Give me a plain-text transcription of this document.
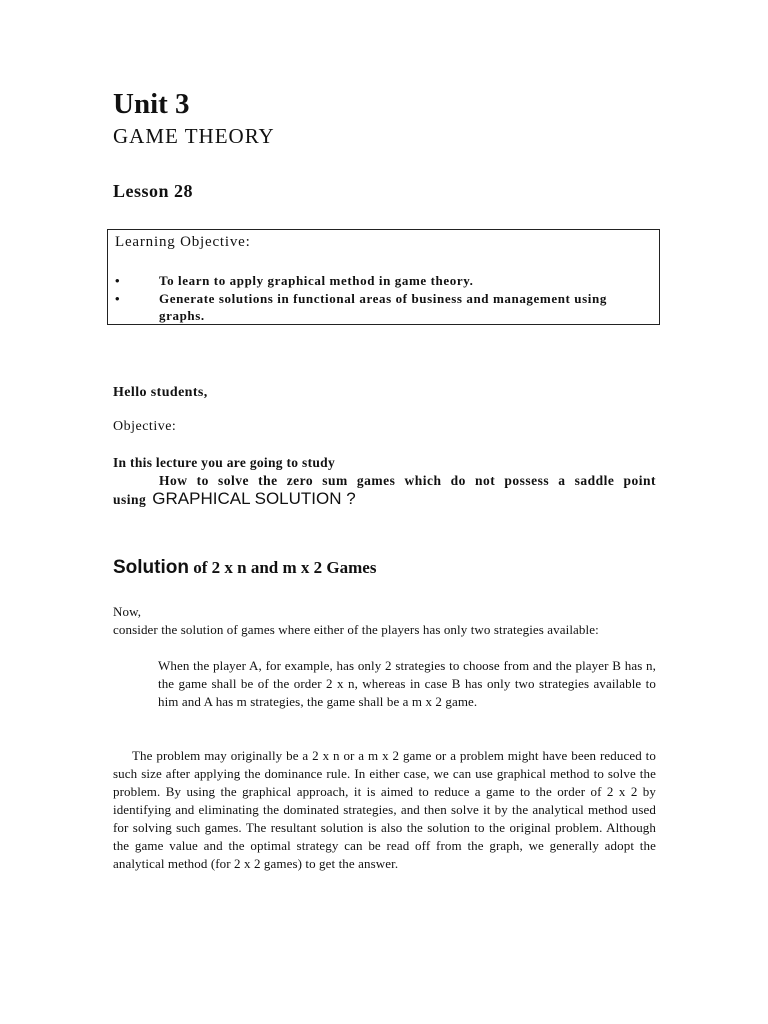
Unit 3
GAME THEORY
Lesson 28
Learning Objective:
•	To learn to apply graphical method in game theory.
•	Generate solutions in functional areas of business and management using graphs.
Hello students,
Objective:
In this lecture you are going to study
How to solve the zero sum games which do not possess a saddle point using GRAPHICAL SOLUTION ?
Solution of 2 x n and m x 2 Games
Now,
consider the solution of games where either of the players has only two strategies available:
When the player A, for example, has only 2 strategies to choose from and the player B has n, the game shall be of the order 2 x n, whereas in case B has only two strategies available to him and A has m strategies, the game shall be a m x 2 game.
The problem may originally be a 2 x n or a m x 2 game or a problem might have been reduced to such size after applying the dominance rule. In either case, we can use graphical method to solve the problem. By using the graphical approach, it is aimed to reduce a game to the order of 2 x 2 by identifying and eliminating the dominated strategies, and then solve it by the analytical method used for solving such games. The resultant solution is also the solution to the original problem. Although the game value and the optimal strategy can be read off from the graph, we generally adopt the analytical method (for 2 x 2 games) to get the answer.
